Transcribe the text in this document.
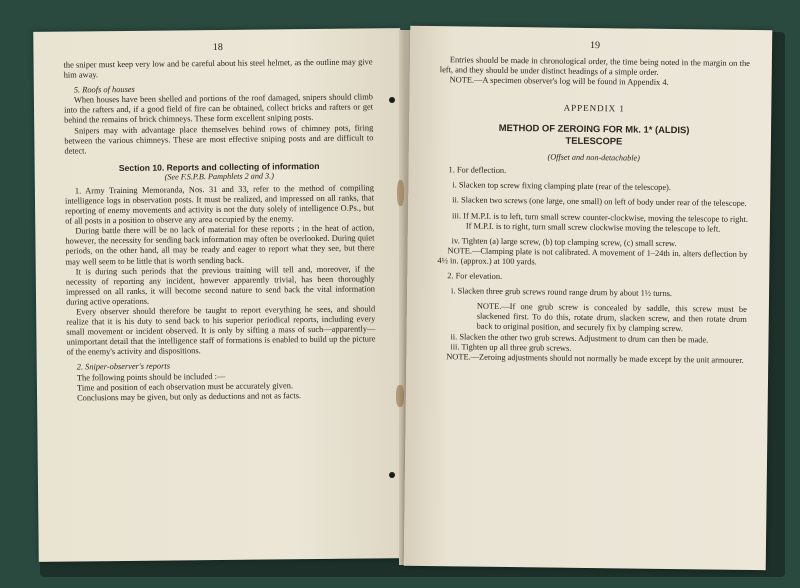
18

the sniper must keep very low and be careful about his steel helmet, as the outline may give him away.

5. Roofs of houses

When houses have been shelled and portions of the roof damaged, snipers should climb into the rafters and, if a good field of fire can be obtained, collect bricks and rafters or get behind the remains of brick chimneys. These form excellent sniping posts.

Snipers may with advantage place themselves behind rows of chimney pots, firing between the various chimneys. These are most effective sniping posts and are difficult to detect.

Section 10. Reports and collecting of information
(See F.S.P.B. Pamphlets 2 and 3.)

1. Army Training Memoranda, Nos. 31 and 33, refer to the method of compiling intelligence logs in observation posts. It must be realized, and impressed on all ranks, that reporting of enemy movements and activity is not the duty solely of intelligence O.Ps., but of all posts in a position to observe any area occupied by the enemy.

During battle there will be no lack of material for these reports ; in the heat of action, however, the necessity for sending back information may often be overlooked. During quiet periods, on the other hand, all may be ready and eager to report what they see, but there may well seem to be little that is worth sending back.

It is during such periods that the previous training will tell and, moreover, if the necessity of reporting any incident, however apparently trivial, has been thoroughly impressed on all ranks, it will become second nature to send back the vital information during active operations.

Every observer should therefore be taught to report everything he sees, and should realize that it is his duty to send back to his superior periodical reports, including every small movement or incident observed. It is only by sifting a mass of such—apparently—unimportant detail that the intelligence staff of formations is enabled to build up the picture of the enemy's activity and dispositions.

2. Sniper-observer's reports

The following points should be included :—

Time and position of each observation must be accurately given.

Conclusions may be given, but only as deductions and not as facts.

19

Entries should be made in chronological order, the time being noted in the margin on the left, and they should be under distinct headings of a simple order.

NOTE.—A specimen observer's log will be found in Appendix 4.

APPENDIX 1
METHOD OF ZEROING FOR Mk. 1* (ALDIS)
TELESCOPE
(Offset and non-detachable)

1. For deflection.

i. Slacken top screw fixing clamping plate (rear of the telescope).

ii. Slacken two screws (one large, one small) on left of body under rear of the telescope.

iii. If M.P.I. is to left, turn small screw counter-clockwise, moving the telescope to right. If M.P.I. is to right, turn small screw clockwise moving the telescope to left.

iv. Tighten (a) large screw, (b) top clamping screw, (c) small screw.

NOTE.—Clamping plate is not calibrated. A movement of 1–24th in. alters deflection by 4½ in. (approx.) at 100 yards.

2. For elevation.

i. Slacken three grub screws round range drum by about 1½ turns.

NOTE.—If one grub screw is concealed by saddle, this screw must be slackened first. To do this, rotate drum, slacken screw, and then rotate drum back to original position, and securely fix by clamping screw.

ii. Slacken the other two grub screws. Adjustment to drum can then be made.

iii. Tighten up all three grub screws.

NOTE.—Zeroing adjustments should not normally be made except by the unit armourer.
